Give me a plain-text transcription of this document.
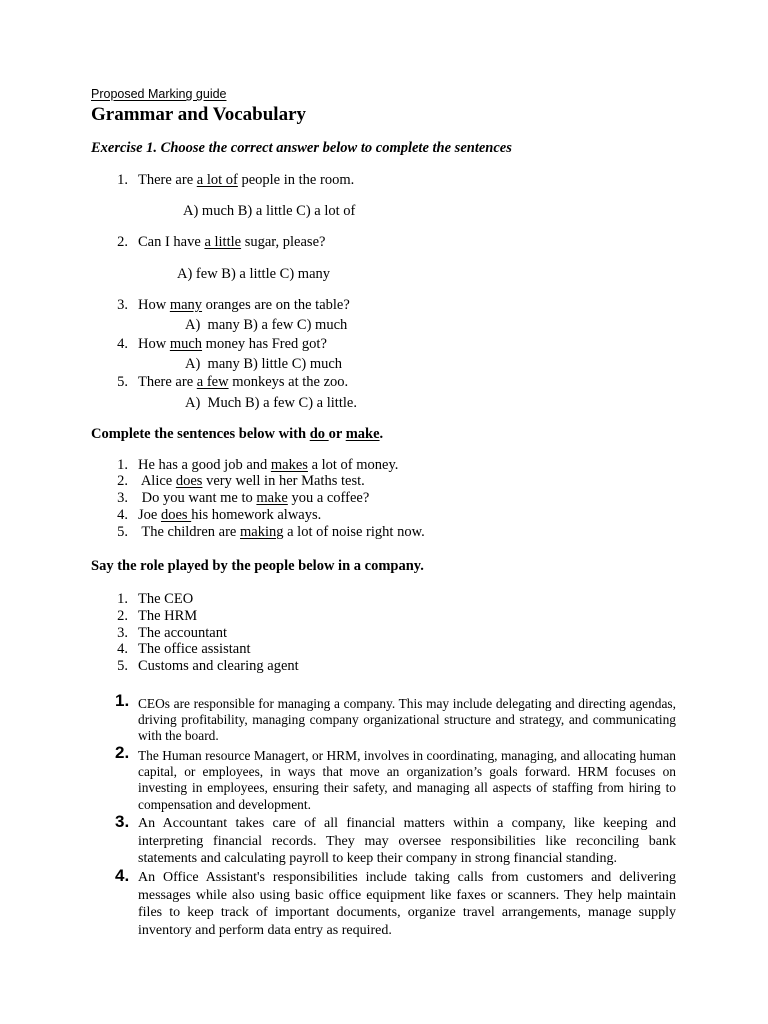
Proposed Marking guide
Grammar and Vocabulary
Exercise 1. Choose the correct answer below to complete the sentences
1. There are a lot of people in the room.
A) much B) a little C) a lot of
2. Can I have a little sugar, please?
A) few B) a little C) many
3. How many oranges are on the table?
A)  many B) a few C) much
4. How much money has Fred got?
A)  many B) little C) much
5. There are a few monkeys at the zoo.
A)  Much B) a few C) a little.
Complete the sentences below with do or make.
1. He has a good job and makes a lot of money.
2. Alice does very well in her Maths test.
3. Do you want me to make you a coffee?
4. Joe does his homework always.
5. The children are making a lot of noise right now.
Say the role played by the people below in a company.
1. The CEO
2. The HRM
3. The accountant
4. The office assistant
5. Customs and clearing agent
1. CEOs are responsible for managing a company. This may include delegating and directing agendas, driving profitability, managing company organizational structure and strategy, and communicating with the board.
2. The Human resource Managert, or HRM, involves in coordinating, managing, and allocating human capital, or employees, in ways that move an organization’s goals forward. HRM focuses on investing in employees, ensuring their safety, and managing all aspects of staffing from hiring to compensation and development.
3. An Accountant takes care of all financial matters within a company, like keeping and interpreting financial records. They may oversee responsibilities like reconciling bank statements and calculating payroll to keep their company in strong financial standing.
4. An Office Assistant's responsibilities include taking calls from customers and delivering messages while also using basic office equipment like faxes or scanners. They help maintain files to keep track of important documents, organize travel arrangements, manage supply inventory and perform data entry as required.
